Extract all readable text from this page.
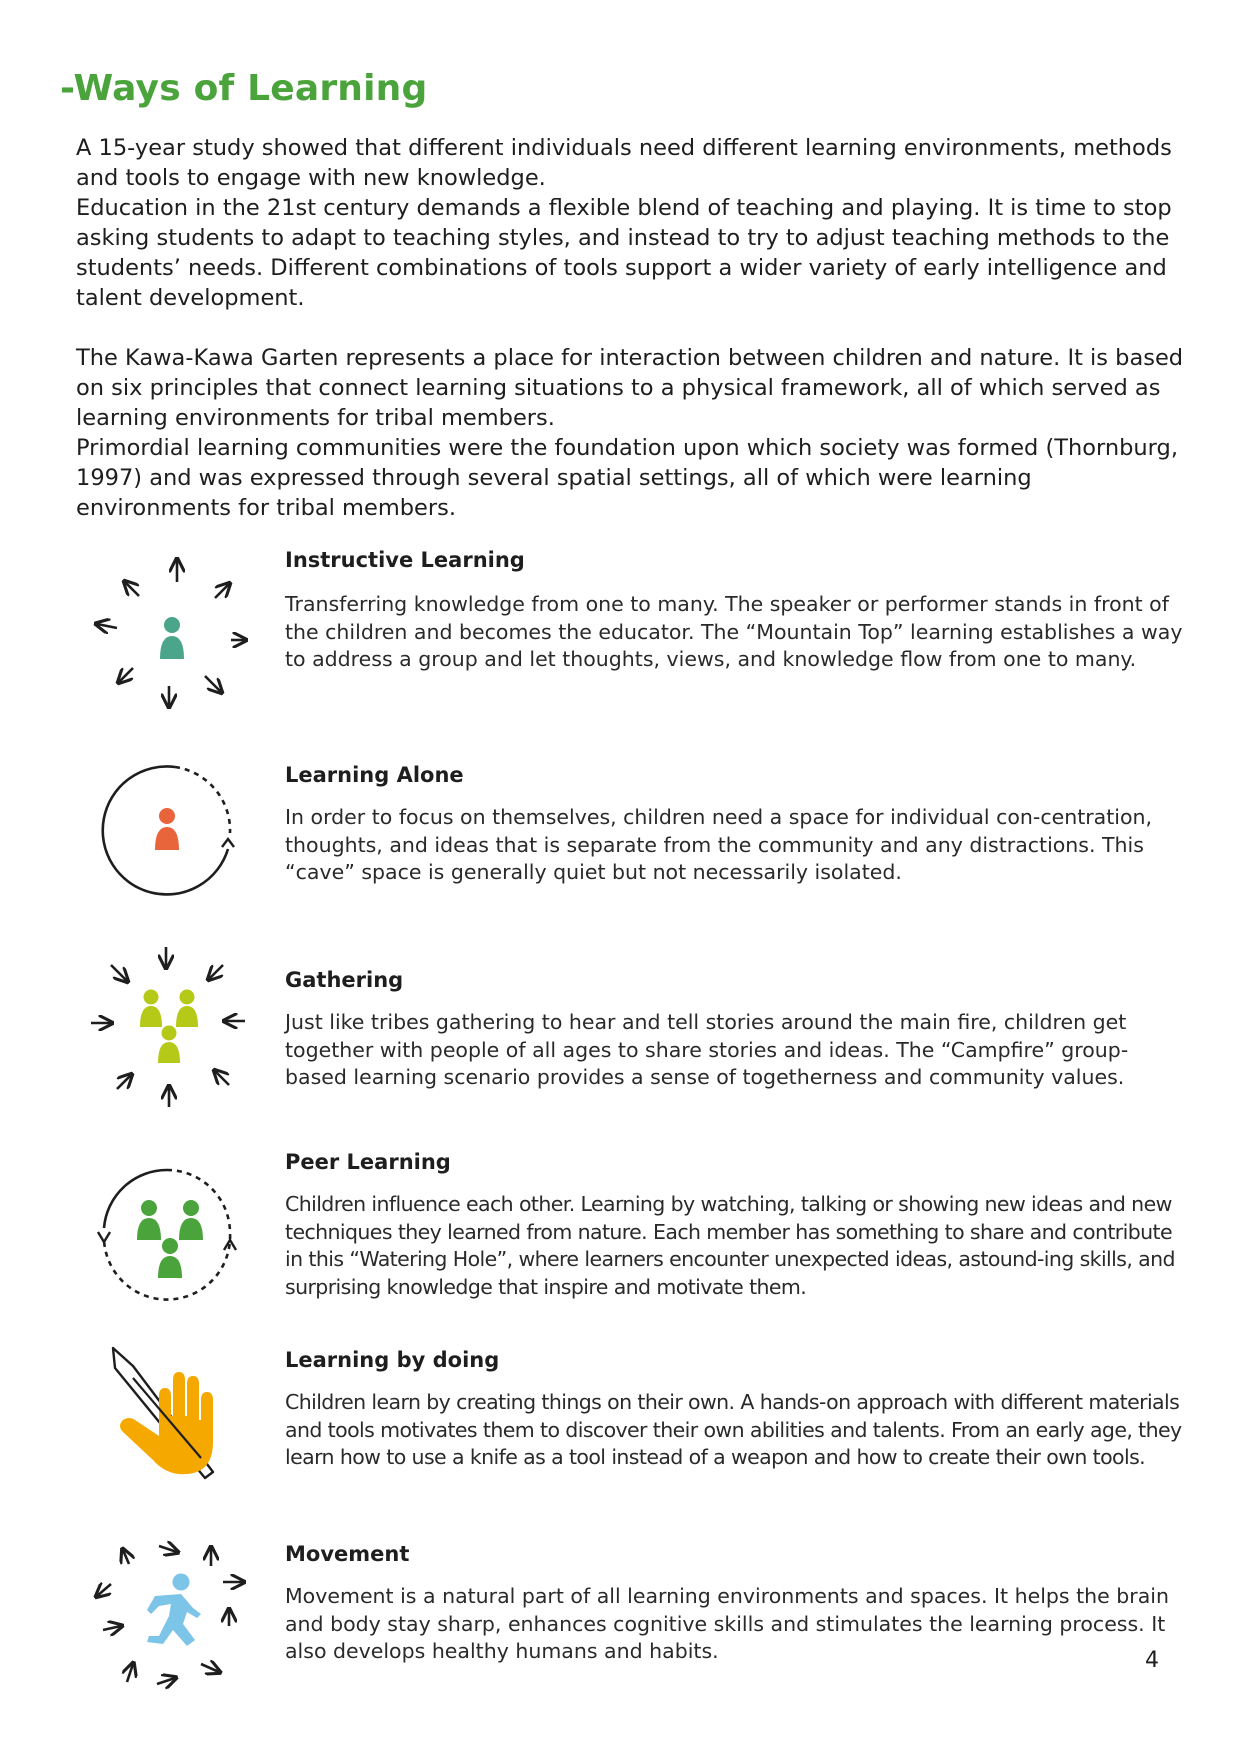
-Ways of Learning

A 15-year study showed that different individuals need different learning environments, methods and tools to engage with new knowledge.

Education in the 21st century demands a flexible blend of teaching and playing. It is time to stop asking students to adapt to teaching styles, and instead to try to adjust teaching methods to the students’ needs. Different combinations of tools support a wider variety of early intelligence and talent development.

The Kawa-Kawa Garten represents a place for interaction between children and nature. It is based on six principles that connect learning situations to a physical framework, all of which served as learning environments for tribal members.

Primordial learning communities were the foundation upon which society was formed (Thornburg, 1997) and was expressed through several spatial settings, all of which were learning environments for tribal members.

Instructive Learning

Transferring knowledge from one to many. The speaker or performer stands in front of the children and becomes the educator. The “Mountain Top” learning establishes a way to address a group and let thoughts, views, and knowledge flow from one to many.

Learning Alone

In order to focus on themselves, children need a space for individual con-centration, thoughts, and ideas that is separate from the community and any distractions. This “cave” space is generally quiet but not necessarily isolated.

Gathering

Just like tribes gathering to hear and tell stories around the main fire, children get together with people of all ages to share stories and ideas. The “Campfire” group-based learning scenario provides a sense of togetherness and community values.

Peer Learning

Children influence each other. Learning by watching, talking or showing new ideas and new techniques they learned from nature. Each member has something to share and contribute in this “Watering Hole”, where learners encounter unexpected ideas, astound-ing skills, and surprising knowledge that inspire and motivate them.

Learning by doing

Children learn by creating things on their own. A hands-on approach with different materials and tools motivates them to discover their own abilities and talents. From an early age, they learn how to use a knife as a tool instead of a weapon and how to create their own tools.

Movement

Movement is a natural part of all learning environments and spaces. It helps the brain and body stay sharp, enhances cognitive skills and stimulates the learning process. It also develops healthy humans and habits.	4
